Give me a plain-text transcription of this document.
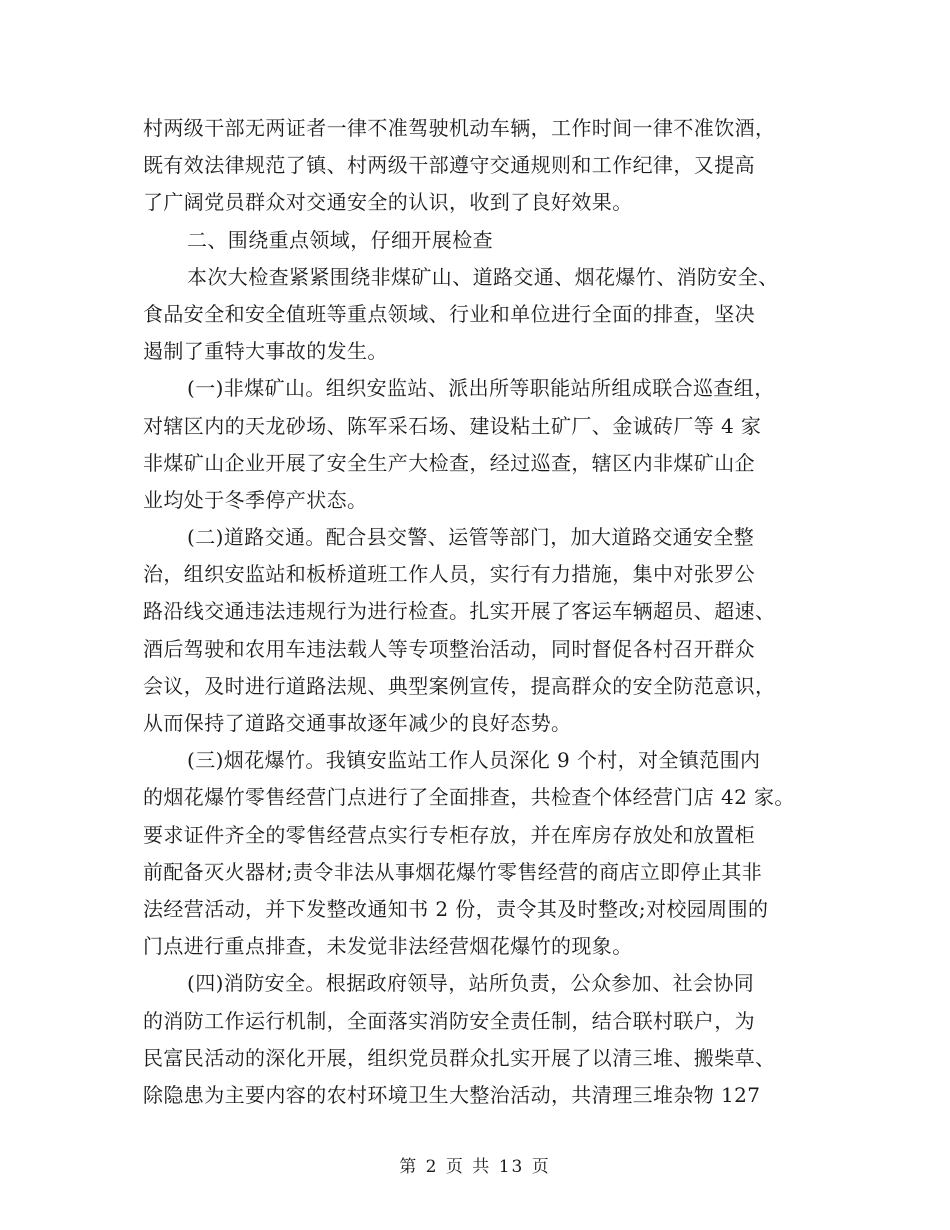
村两级干部无两证者一律不准驾驶机动车辆，工作时间一律不准饮酒，
既有效法律规范了镇、村两级干部遵守交通规则和工作纪律，又提高
了广阔党员群众对交通安全的认识，收到了良好效果。
二、围绕重点领域，仔细开展检查
本次大检查紧紧围绕非煤矿山、道路交通、烟花爆竹、消防安全、
食品安全和安全值班等重点领域、行业和单位进行全面的排查，坚决
遏制了重特大事故的发生。
(一)非煤矿山。组织安监站、派出所等职能站所组成联合巡查组，
对辖区内的天龙砂场、陈军采石场、建设粘土矿厂、金诚砖厂等 4 家
非煤矿山企业开展了安全生产大检查，经过巡查，辖区内非煤矿山企
业均处于冬季停产状态。
(二)道路交通。配合县交警、运管等部门，加大道路交通安全整
治，组织安监站和板桥道班工作人员，实行有力措施，集中对张罗公
路沿线交通违法违规行为进行检查。扎实开展了客运车辆超员、超速、
酒后驾驶和农用车违法载人等专项整治活动，同时督促各村召开群众
会议，及时进行道路法规、典型案例宣传，提高群众的安全防范意识，
从而保持了道路交通事故逐年减少的良好态势。
(三)烟花爆竹。我镇安监站工作人员深化 9 个村，对全镇范围内
的烟花爆竹零售经营门点进行了全面排查，共检查个体经营门店 42 家。
要求证件齐全的零售经营点实行专柜存放，并在库房存放处和放置柜
前配备灭火器材;责令非法从事烟花爆竹零售经营的商店立即停止其非
法经营活动，并下发整改通知书 2 份，责令其及时整改;对校园周围的
门点进行重点排查，未发觉非法经营烟花爆竹的现象。
(四)消防安全。根据政府领导，站所负责，公众参加、社会协同
的消防工作运行机制，全面落实消防安全责任制，结合联村联户，为
民富民活动的深化开展，组织党员群众扎实开展了以清三堆、搬柴草、
除隐患为主要内容的农村环境卫生大整治活动，共清理三堆杂物 127
第 2 页 共 13 页
